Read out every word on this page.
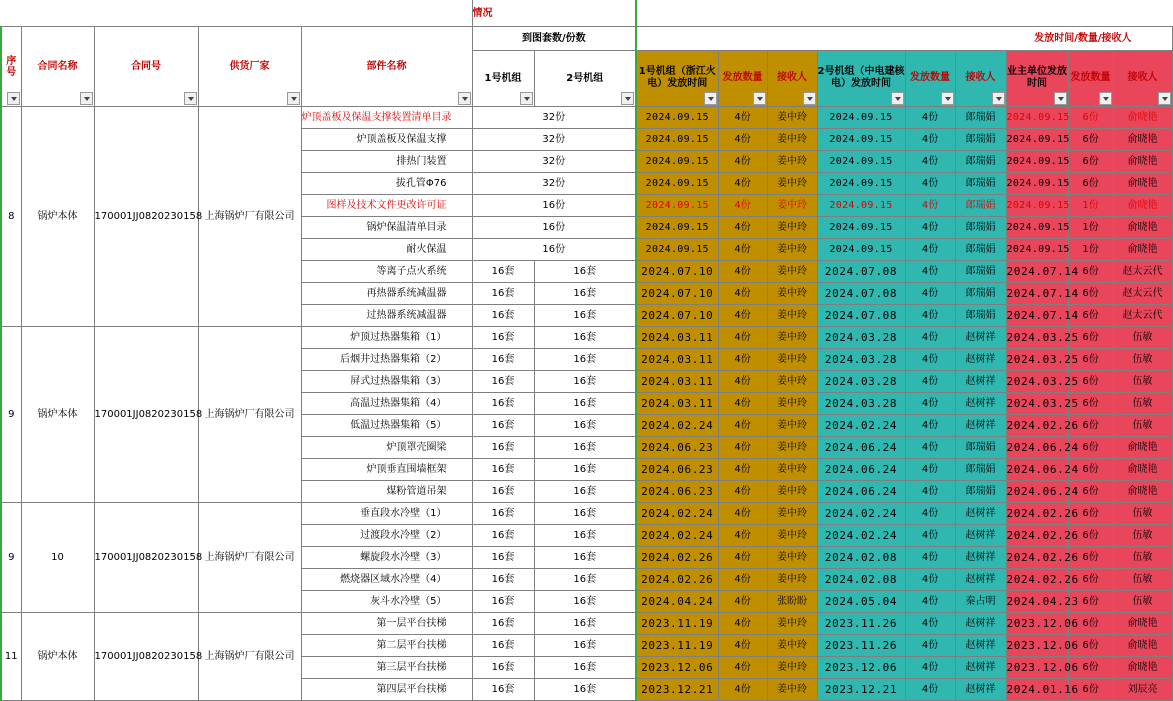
					情况										
序号	合同名称	合同号	供货厂家	部件名称	到图套数/份数		发放时间/数量/接收人								
					1号机组	2号机组	1号机组（浙江火电）发放时间	发放数量	接收人	2号机组（中电建核电）发放时间	发放数量	接收人	业主单位发放时间	发放数量	接收人

8	锅炉本体	170001JJ0820230158	上海锅炉厂有限公司	炉顶盖板及保温支撑装置清单目录	32份		2024.09.15	4份	姜中玲	2024.09.15	4份	郎瑞娟	2024.09.15	6份	俞晓艳
				炉顶盖板及保温支撑	32份		2024.09.15	4份	姜中玲	2024.09.15	4份	郎瑞娟	2024.09.15	6份	俞晓艳
				排热门装置	32份		2024.09.15	4份	姜中玲	2024.09.15	4份	郎瑞娟	2024.09.15	6份	俞晓艳
				拔孔管Φ76	32份		2024.09.15	4份	姜中玲	2024.09.15	4份	郎瑞娟	2024.09.15	6份	俞晓艳
				图样及技术文件更改许可证	16份		2024.09.15	4份	姜中玲	2024.09.15	4份	郎瑞娟	2024.09.15	1份	俞晓艳
				锅炉保温清单目录	16份		2024.09.15	4份	姜中玲	2024.09.15	4份	郎瑞娟	2024.09.15	1份	俞晓艳
				耐火保温	16份		2024.09.15	4份	姜中玲	2024.09.15	4份	郎瑞娟	2024.09.15	1份	俞晓艳
				等离子点火系统	16套	16套	2024.07.10	4份	姜中玲	2024.07.08	4份	郎瑞娟	2024.07.14	6份	赵太云代
				再热器系统减温器	16套	16套	2024.07.10	4份	姜中玲	2024.07.08	4份	郎瑞娟	2024.07.14	6份	赵太云代
				过热器系统减温器	16套	16套	2024.07.10	4份	姜中玲	2024.07.08	4份	郎瑞娟	2024.07.14	6份	赵太云代
9	锅炉本体	170001JJ0820230158	上海锅炉厂有限公司	炉顶过热器集箱（1）	16套	16套	2024.03.11	4份	姜中玲	2024.03.28	4份	赵树祥	2024.03.25	6份	伍敏
				后烟井过热器集箱（2）	16套	16套	2024.03.11	4份	姜中玲	2024.03.28	4份	赵树祥	2024.03.25	6份	伍敏
				屏式过热器集箱（3）	16套	16套	2024.03.11	4份	姜中玲	2024.03.28	4份	赵树祥	2024.03.25	6份	伍敏
				高温过热器集箱（4）	16套	16套	2024.03.11	4份	姜中玲	2024.03.28	4份	赵树祥	2024.03.25	6份	伍敏
				低温过热器集箱（5）	16套	16套	2024.02.24	4份	姜中玲	2024.02.24	4份	赵树祥	2024.02.26	6份	伍敏
				炉顶罩壳圈梁	16套	16套	2024.06.23	4份	姜中玲	2024.06.24	4份	郎瑞娟	2024.06.24	6份	俞晓艳
				炉顶垂直围墙框架	16套	16套	2024.06.23	4份	姜中玲	2024.06.24	4份	郎瑞娟	2024.06.24	6份	俞晓艳
				煤粉管道吊架	16套	16套	2024.06.23	4份	姜中玲	2024.06.24	4份	郎瑞娟	2024.06.24	6份	俞晓艳
9	10	170001JJ0820230158	上海锅炉厂有限公司	垂直段水冷壁（1）	16套	16套	2024.02.24	4份	姜中玲	2024.02.24	4份	赵树祥	2024.02.26	6份	伍敏
				过渡段水冷壁（2）	16套	16套	2024.02.24	4份	姜中玲	2024.02.24	4份	赵树祥	2024.02.26	6份	伍敏
				螺旋段水冷壁（3）	16套	16套	2024.02.26	4份	姜中玲	2024.02.08	4份	赵树祥	2024.02.26	6份	伍敏
				燃烧器区域水冷壁（4）	16套	16套	2024.02.26	4份	姜中玲	2024.02.08	4份	赵树祥	2024.02.26	6份	伍敏
				灰斗水冷壁（5）	16套	16套	2024.04.24	4份	张盼盼	2024.05.04	4份	秦占明	2024.04.23	6份	伍敏
11	锅炉本体	170001JJ0820230158	上海锅炉厂有限公司	第一层平台扶梯	16套	16套	2023.11.19	4份	姜中玲	2023.11.26	4份	赵树祥	2023.12.06	6份	俞晓艳
				第二层平台扶梯	16套	16套	2023.11.19	4份	姜中玲	2023.11.26	4份	赵树祥	2023.12.06	6份	俞晓艳
				第三层平台扶梯	16套	16套	2023.12.06	4份	姜中玲	2023.12.06	4份	赵树祥	2023.12.06	6份	俞晓艳
				第四层平台扶梯	16套	16套	2023.12.21	4份	姜中玲	2023.12.21	4份	赵树祥	2024.01.16	6份	刘辰亮
